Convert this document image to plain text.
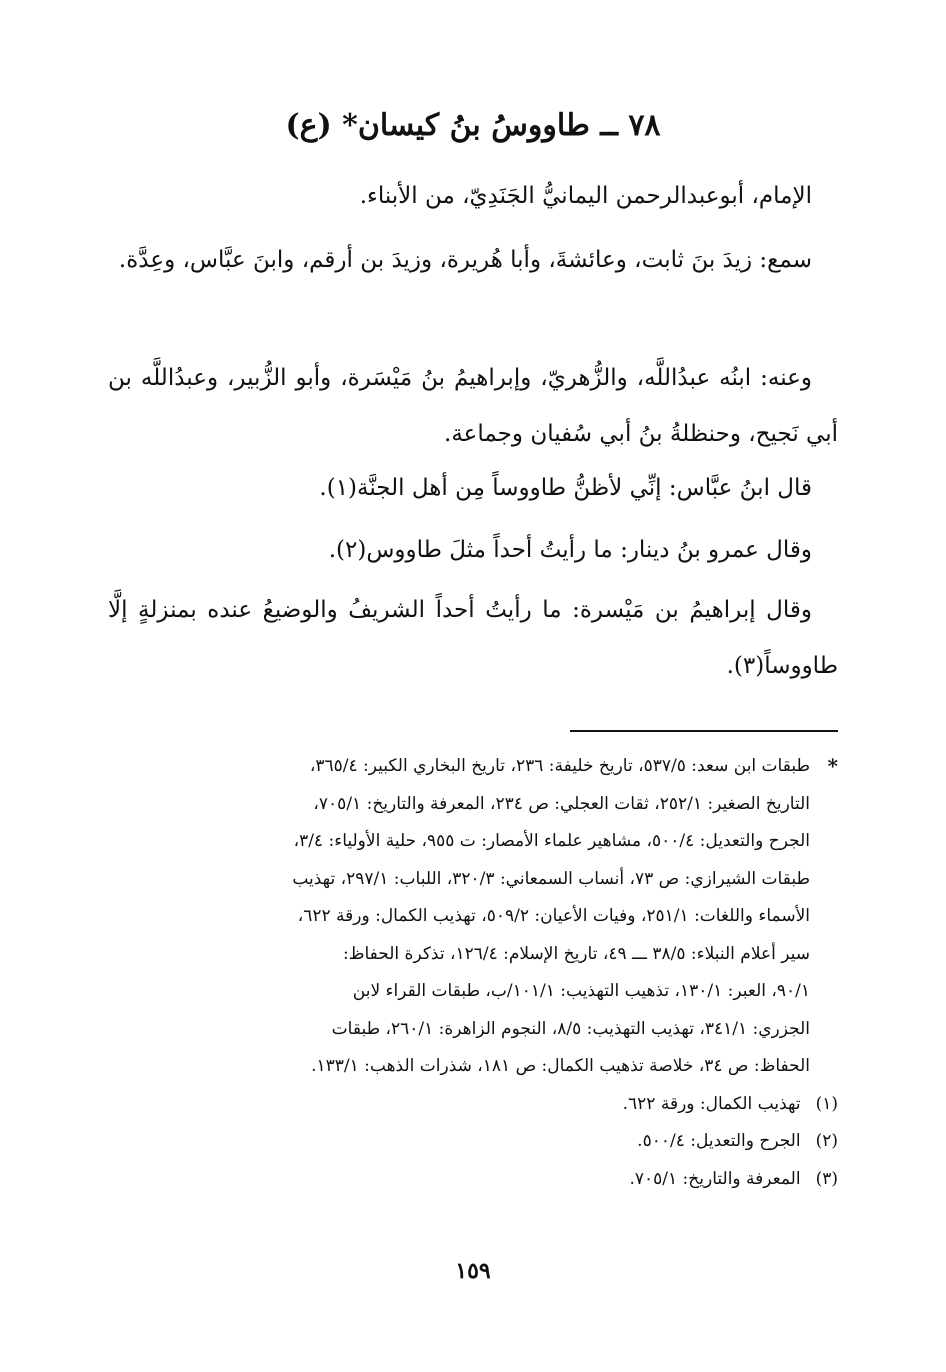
٧٨ ــ طاووسُ بنُ كيسان* (ع)
الإمام، أبوعبدالرحمن اليمانيُّ الجَنَدِيّ، من الأبناء.
سمع: زيدَ بنَ ثابت، وعائشةَ، وأبا هُريرة، وزيدَ بن أرقم، وابنَ عبَّاس، وعِدَّة.
وعنه: ابنُه عبدُاللَّه، والزُّهريّ، وإبراهيمُ بنُ مَيْسَرة، وأبو الزُّبير، وعبدُاللَّه بن أبي نَجيح، وحنظلةُ بنُ أبي سُفيان وجماعة.
قال ابنُ عبَّاس: إنِّي لأظنُّ طاووساً مِن أهل الجنَّة(١).
وقال عمرو بنُ دينار: ما رأيتُ أحداً مثلَ طاووس(٢).
وقال إبراهيمُ بن مَيْسرة: ما رأيتُ أحداً الشريفُ والوضيعُ عنده بمنزلةٍ إلَّا طاووساً(٣).
*
طبقات ابن سعد: ٥٣٧/٥، تاريخ خليفة: ٢٣٦، تاريخ البخاري الكبير: ٣٦٥/٤،
التاريخ الصغير: ٢٥٢/١، ثقات العجلي: ص ٢٣٤، المعرفة والتاريخ: ٧٠٥/١،
الجرح والتعديل: ٥٠٠/٤، مشاهير علماء الأمصار: ت ٩٥٥، حلية الأولياء: ٣/٤،
طبقات الشيرازي: ص ٧٣، أنساب السمعاني: ٣٢٠/٣، اللباب: ٢٩٧/١، تهذيب
الأسماء واللغات: ٢٥١/١، وفيات الأعيان: ٥٠٩/٢، تهذيب الكمال: ورقة ٦٢٢،
سير أعلام النبلاء: ٣٨/٥ ـــ ٤٩، تاريخ الإسلام: ١٢٦/٤، تذكرة الحفاظ:
٩٠/١، العبر: ١٣٠/١، تذهيب التهذيب: ١٠١/١/ب، طبقات القراء لابن
الجزري: ٣٤١/١، تهذيب التهذيب: ٨/٥، النجوم الزاهرة: ٢٦٠/١، طبقات
الحفاظ: ص ٣٤، خلاصة تذهيب الكمال: ص ١٨١، شذرات الذهب: ١٣٣/١.
(١) تهذيب الكمال: ورقة ٦٢٢.
(٢) الجرح والتعديل: ٥٠٠/٤.
(٣) المعرفة والتاريخ: ٧٠٥/١.
١٥٩
